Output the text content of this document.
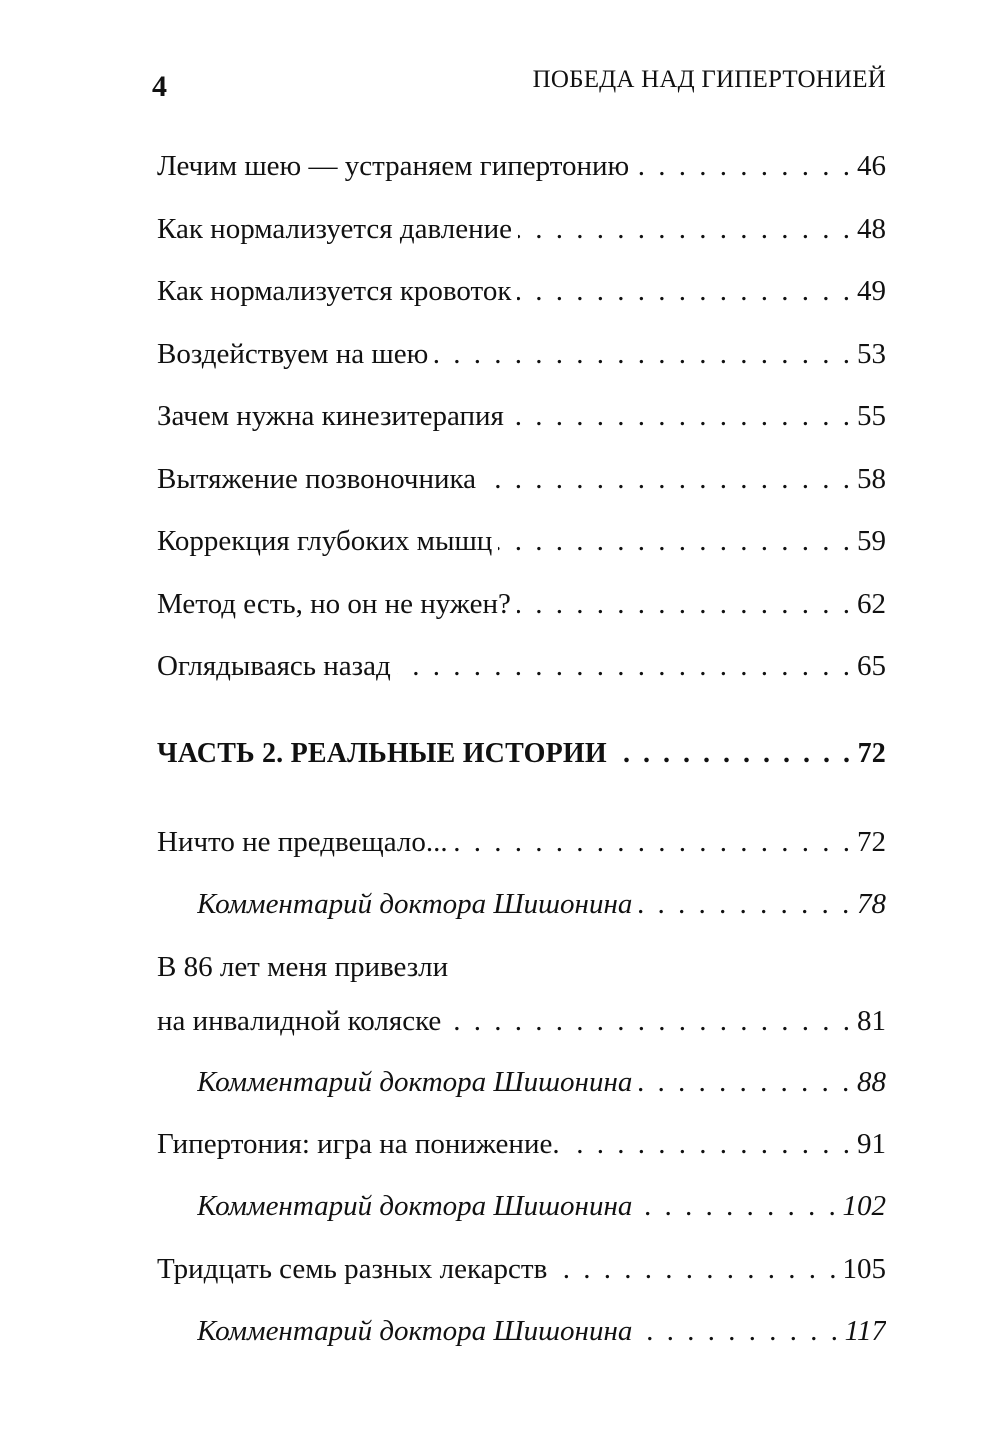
4	ПОБЕДА НАД ГИПЕРТОНИЕЙ
Лечим шею — устраняем гипертонию . . .	46
Как нормализуется давление . . .	48
Как нормализуется кровоток . . .	49
Воздействуем на шею . . .	53
Зачем нужна кинезитерапия . . .	55
Вытяжение позвоночника . . .	58
Коррекция глубоких мышц . . .	59
Метод есть, но он не нужен? . . .	62
Оглядываясь назад . . .	65
ЧАСТЬ 2. РЕАЛЬНЫЕ ИСТОРИИ . . .	72
Ничто не предвещало... . . .	72
Комментарий доктора Шишонина . . .	78
В 86 лет меня привезли
на инвалидной коляске . . .	81
Комментарий доктора Шишонина . . .	88
Гипертония: игра на понижение. . . .	91
Комментарий доктора Шишонина . . .	102
Тридцать семь разных лекарств . . .	105
Комментарий доктора Шишонина . . .	117
